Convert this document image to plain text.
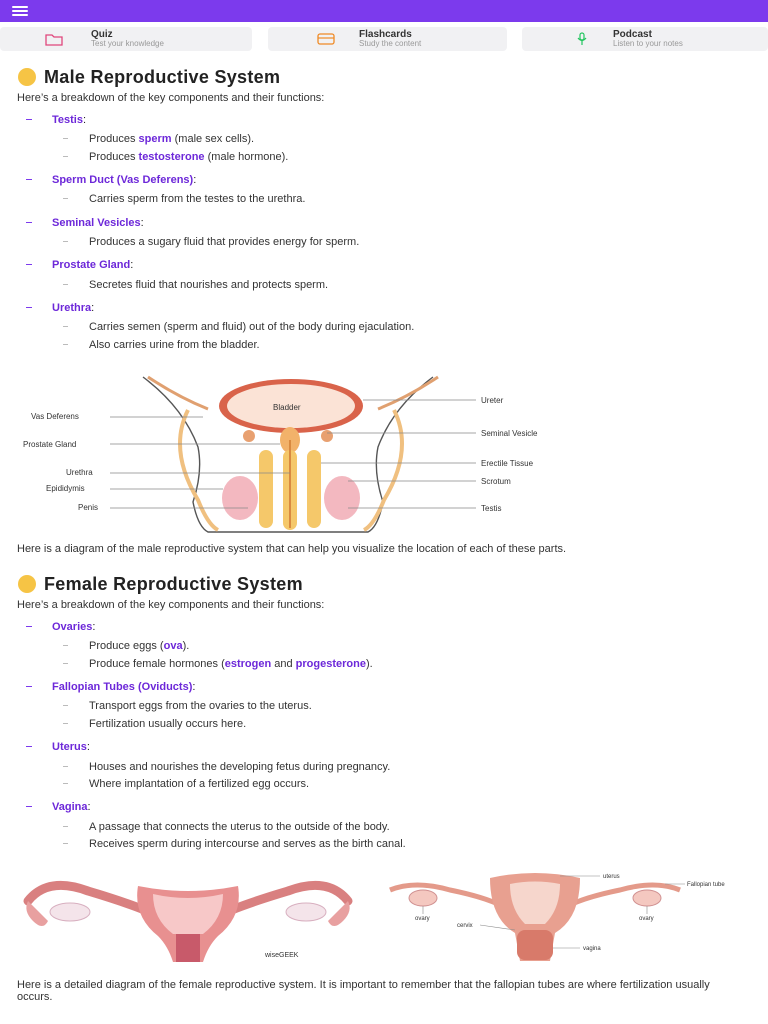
Quiz
Test your knowledge
Flashcards
Study the content
Podcast
Listen to your notes
Male Reproductive System
Here’s a breakdown of the key components and their functions:
Testis:
Produces sperm (male sex cells).
Produces testosterone (male hormone).
Sperm Duct (Vas Deferens):
Carries sperm from the testes to the urethra.
Seminal Vesicles:
Produces a sugary fluid that provides energy for sperm.
Prostate Gland:
Secretes fluid that nourishes and protects sperm.
Urethra:
Carries semen (sperm and fluid) out of the body during ejaculation.
Also carries urine from the bladder.
Bladder
Vas Deferens
Prostate Gland
Urethra
Epididymis
Penis
Ureter
Seminal Vesicle
Erectile Tissue
Scrotum
Testis
Here is a diagram of the male reproductive system that can help you visualize the location of each of these parts.
Female Reproductive System
Here’s a breakdown of the key components and their functions:
Ovaries:
Produce eggs (ova).
Produce female hormones (estrogen and progesterone).
Fallopian Tubes (Oviducts):
Transport eggs from the ovaries to the uterus.
Fertilization usually occurs here.
Uterus:
Houses and nourishes the developing fetus during pregnancy.
Where implantation of a fertilized egg occurs.
Vagina:
A passage that connects the uterus to the outside of the body.
Receives sperm during intercourse and serves as the birth canal.
wiseGEEK
uterus
Fallopian tube
ovary	ovary
cervix
vagina
Here is a detailed diagram of the female reproductive system. It is important to remember that the fallopian tubes are where fertilization usually occurs.
